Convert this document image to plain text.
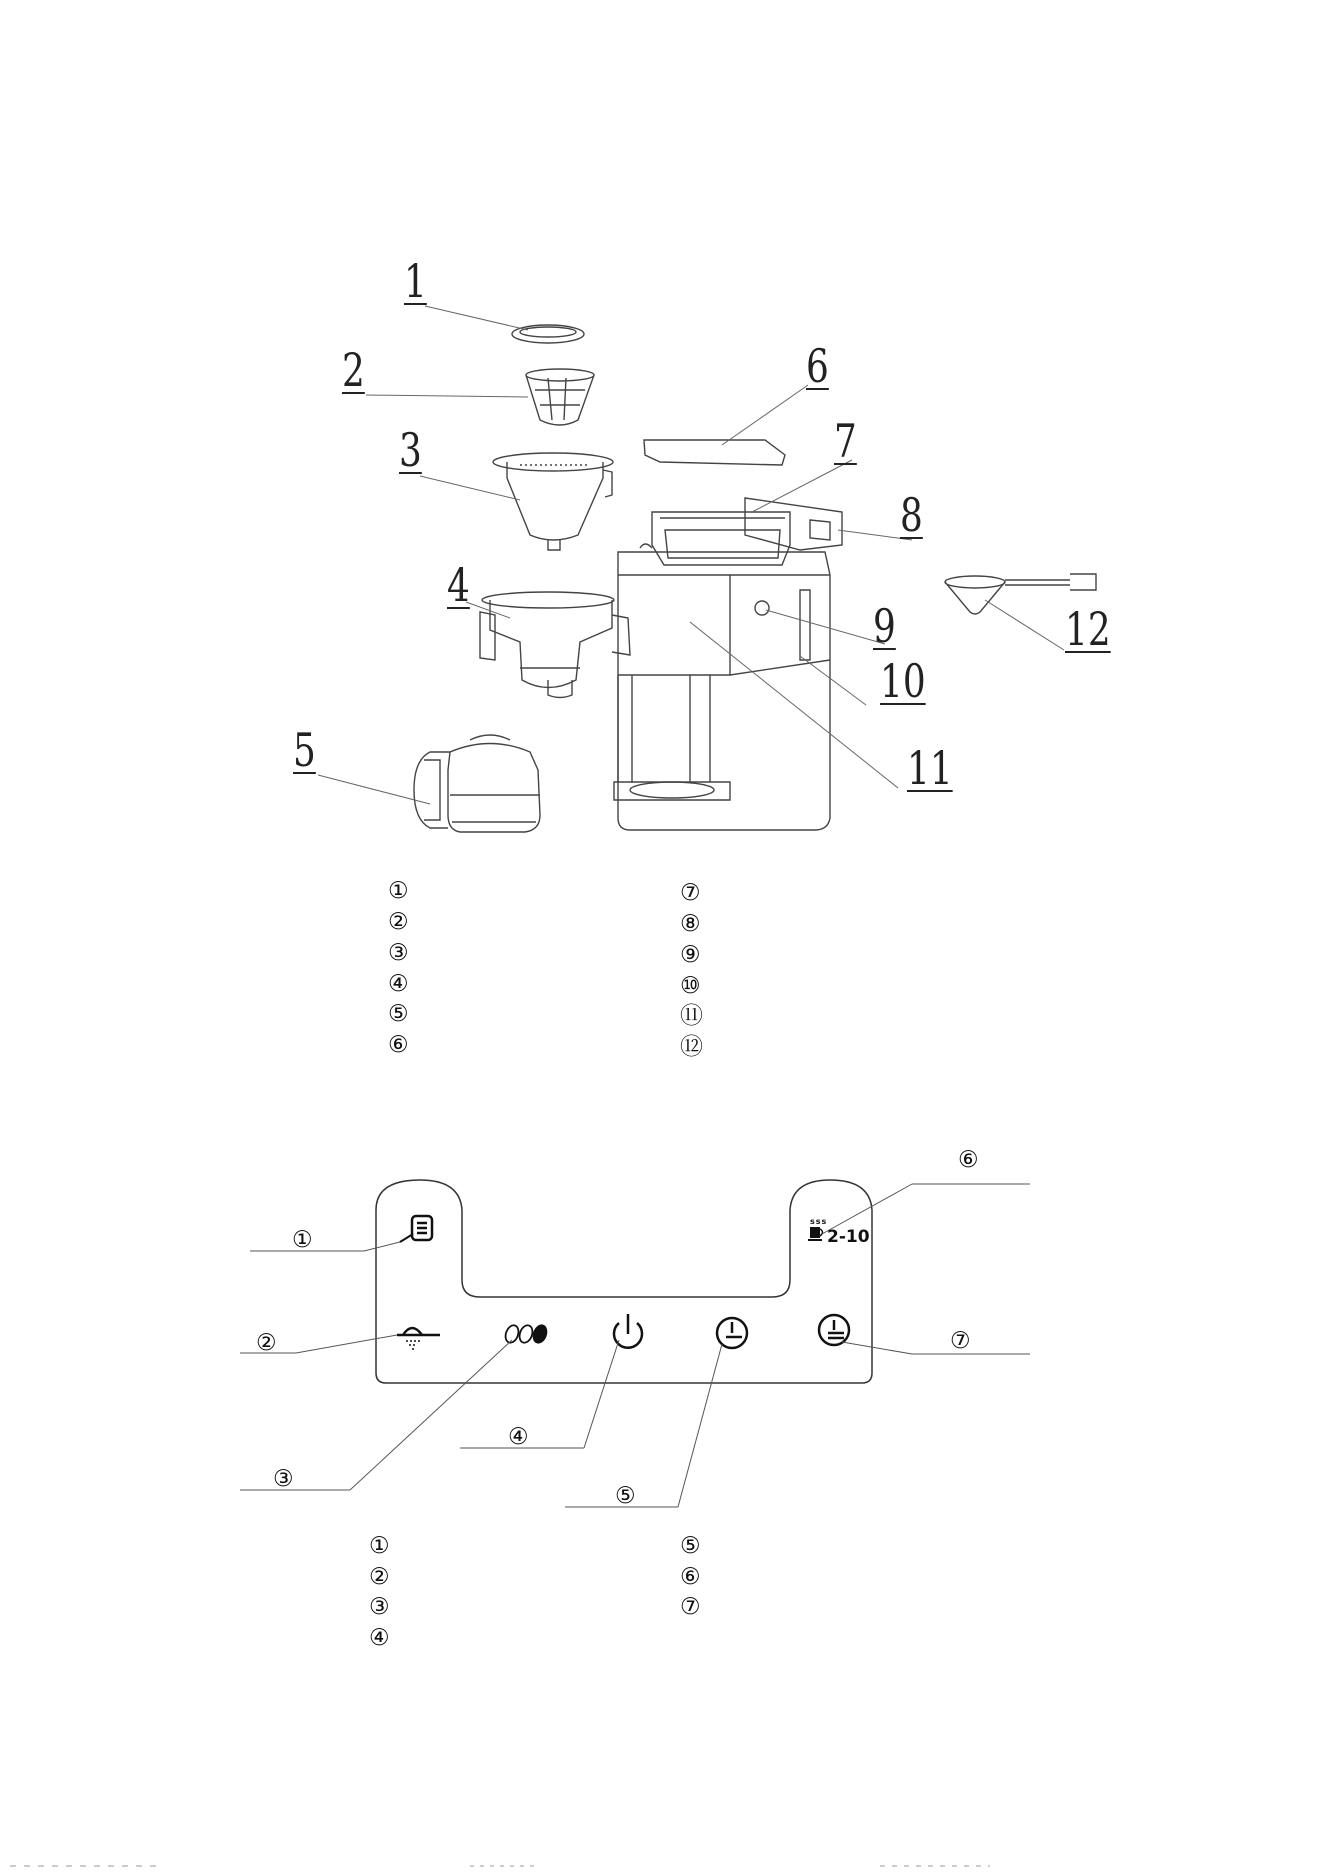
1
2
3
4
5
6
7
8
9
10
11
12
①
②
③
④
⑤
⑥
⑦
⑧
⑨
⑩
⑪
⑫
sss
2-10
①
②
③
④
⑤
⑥
⑦
①
②
③
④
⑤
⑥
⑦
